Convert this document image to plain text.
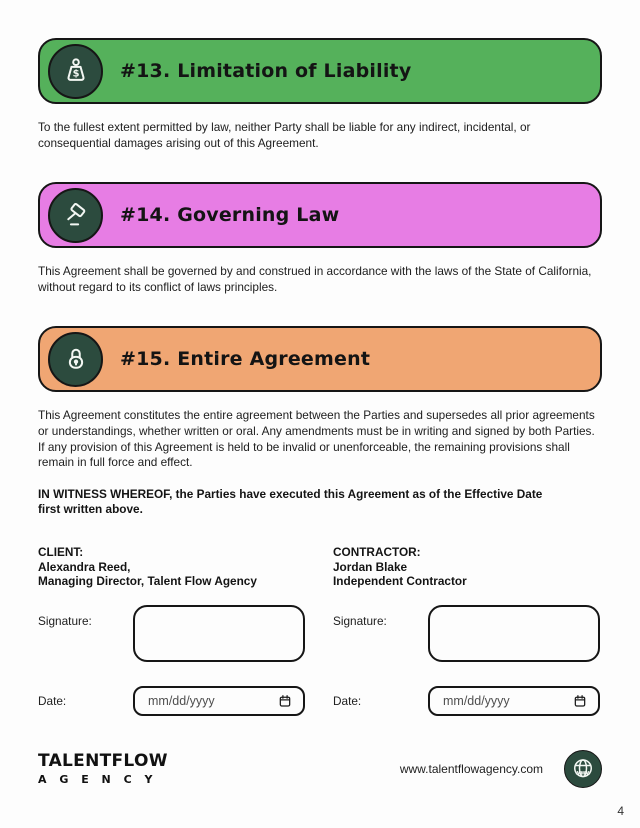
$ #13. Limitation of Liability

To the fullest extent permitted by law, neither Party shall be liable for any indirect, incidental, or consequential damages arising out of this Agreement.

#14. Governing Law

This Agreement shall be governed by and construed in accordance with the laws of the State of California, without regard to its conflict of laws principles.

#15. Entire Agreement

This Agreement constitutes the entire agreement between the Parties and supersedes all prior agreements or understandings, whether written or oral. Any amendments must be in writing and signed by both Parties. If any provision of this Agreement is held to be invalid or unenforceable, the remaining provisions shall remain in full force and effect.

IN WITNESS WHEREOF, the Parties have executed this Agreement as of the Effective Date first written above.

CLIENT:
Alexandra Reed,
Managing Director, Talent Flow Agency
CONTRACTOR:
Jordan Blake
Independent Contractor
Signature:	Signature:
Date:	mm/dd/yyyy	Date:	mm/dd/yyyy
TALENTFLOW
A G E N C Y
www.talentflowagency.com	www
4
